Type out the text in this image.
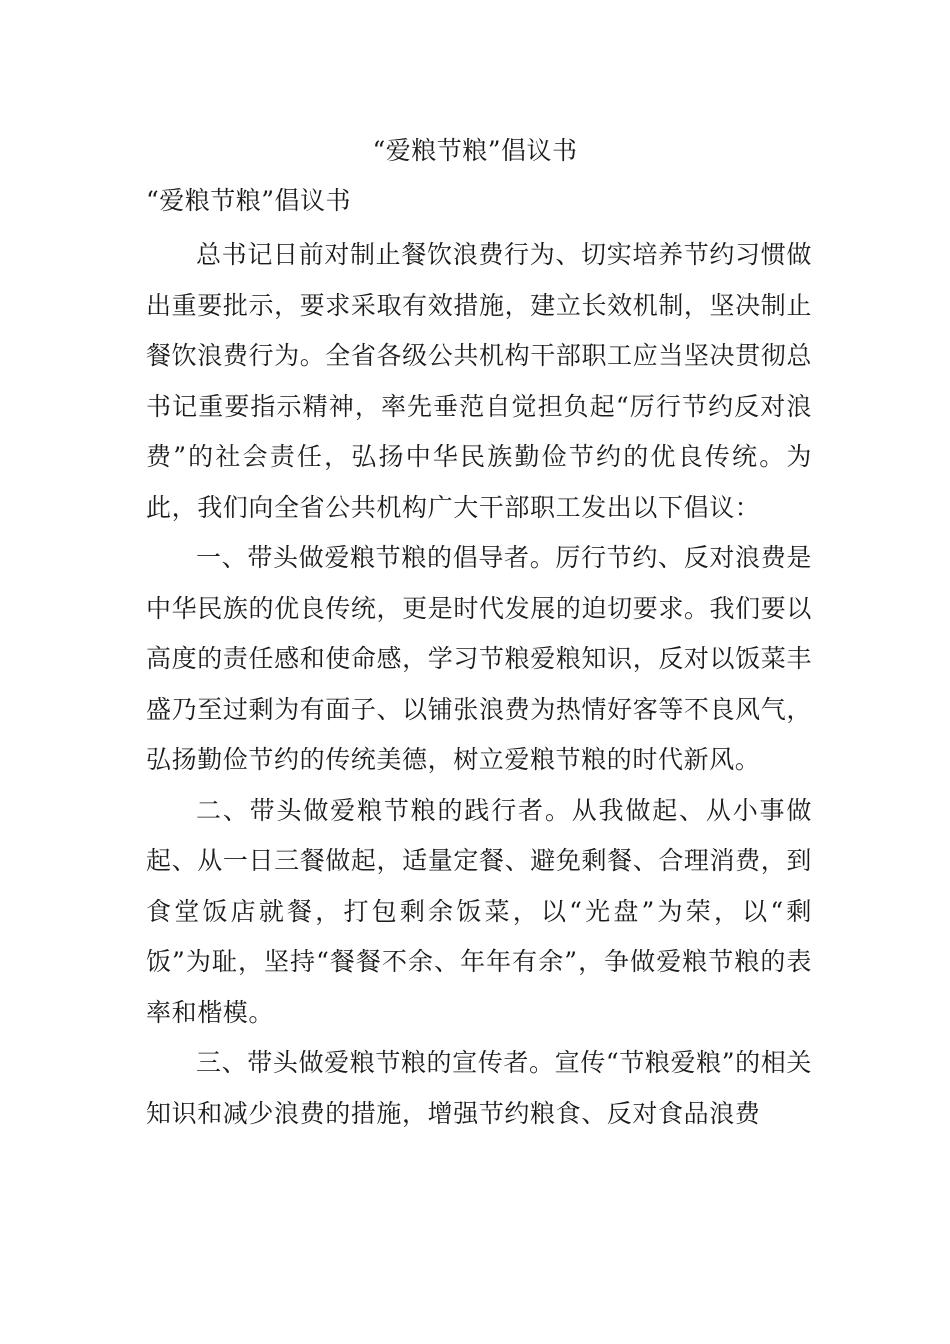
“爱粮节粮”倡议书
“爱粮节粮”倡议书

总书记日前对制止餐饮浪费行为、切实培养节约习惯做出重要批示，要求采取有效措施，建立长效机制，坚决制止餐饮浪费行为。全省各级公共机构干部职工应当坚决贯彻总书记重要指示精神，率先垂范自觉担负起“厉行节约反对浪费”的社会责任，弘扬中华民族勤俭节约的优良传统。为此，我们向全省公共机构广大干部职工发出以下倡议：

一、带头做爱粮节粮的倡导者。厉行节约、反对浪费是中华民族的优良传统，更是时代发展的迫切要求。我们要以高度的责任感和使命感，学习节粮爱粮知识，反对以饭菜丰盛乃至过剩为有面子、以铺张浪费为热情好客等不良风气，弘扬勤俭节约的传统美德，树立爱粮节粮的时代新风。

二、带头做爱粮节粮的践行者。从我做起、从小事做起、从一日三餐做起，适量定餐、避免剩餐、合理消费，到食堂饭店就餐，打包剩余饭菜，以“光盘”为荣，以“剩饭”为耻，坚持“餐餐不余、年年有余”，争做爱粮节粮的表率和楷模。

三、带头做爱粮节粮的宣传者。宣传“节粮爱粮”的相关知识和减少浪费的措施，增强节约粮食、反对食品浪费
